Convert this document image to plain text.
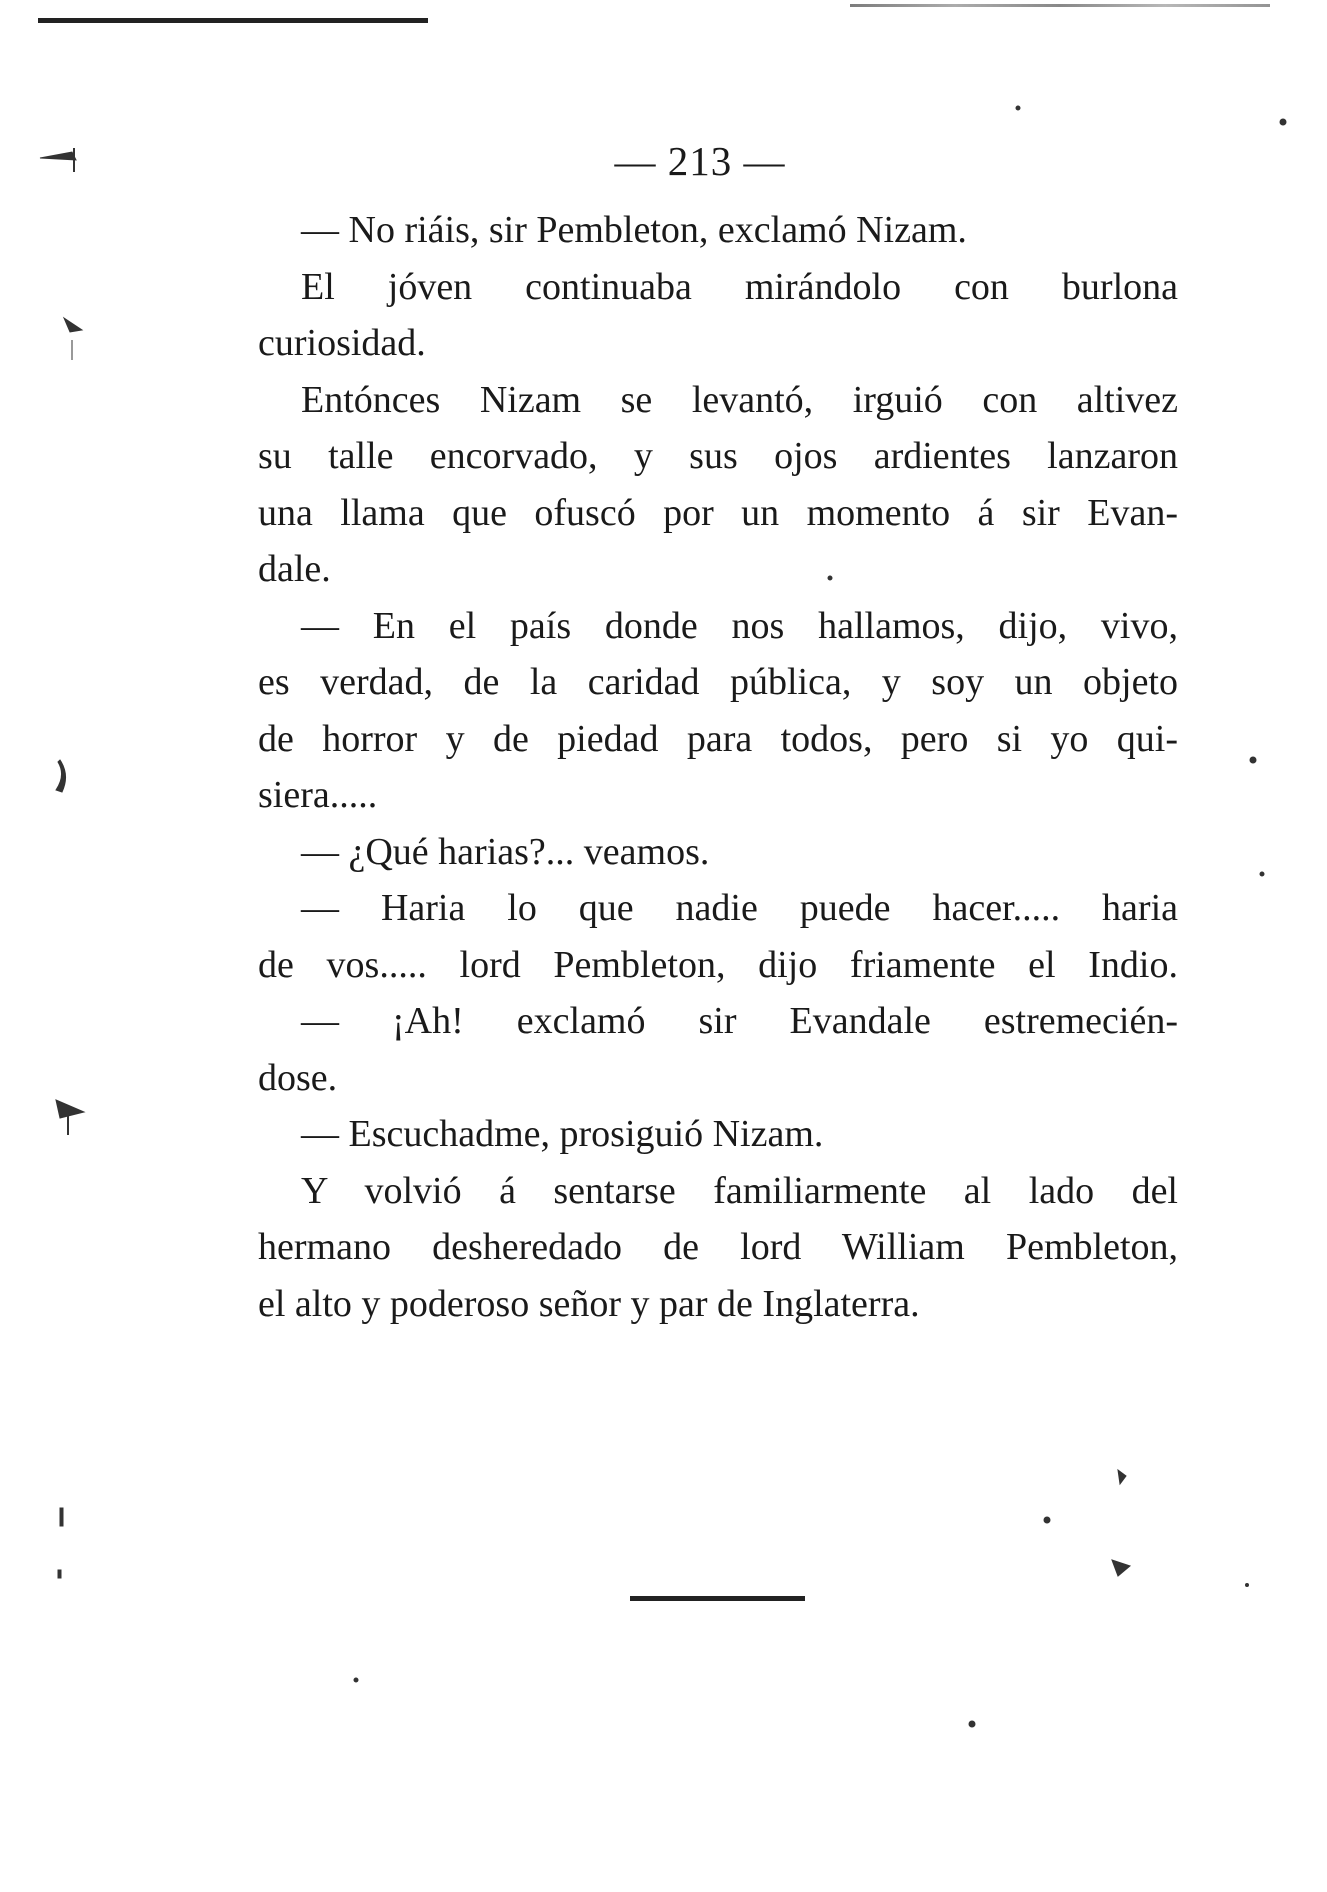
— 213 —
— No riáis, sir Pembleton, exclamó Nizam.
El jóven continuaba mirándolo con burlona
curiosidad.
Entónces Nizam se levantó, irguió con altivez
su talle encorvado, y sus ojos ardientes lanzaron
una llama que ofuscó por un momento á sir Evan-
dale.
— En el país donde nos hallamos, dijo, vivo,
es verdad, de la caridad pública, y soy un objeto
de horror y de piedad para todos, pero si yo qui-
siera.....
— ¿Qué harias?... veamos.
— Haria lo que nadie puede hacer..... haria
de vos..... lord Pembleton, dijo friamente el Indio.
— ¡Ah! exclamó sir Evandale estremecién-
dose.
— Escuchadme, prosiguió Nizam.
Y volvió á sentarse familiarmente al lado del
hermano desheredado de lord William Pembleton,
el alto y poderoso señor y par de Inglaterra.
